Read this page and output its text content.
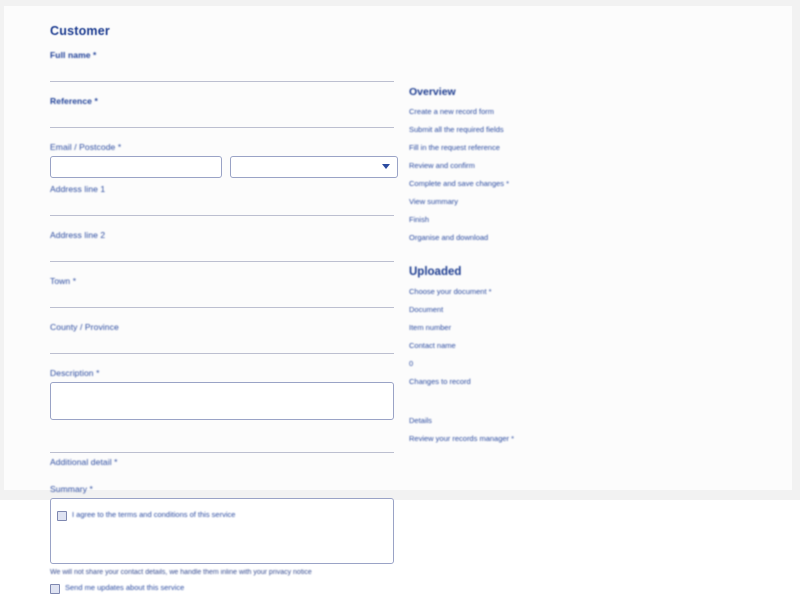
Customer
Full name *
Reference *
Email / Postcode *
Address line 1
Address line 2
Town *
County / Province
Description *
Additional detail *
Summary *
I agree to the terms and conditions of this service
We will not share your contact details, we handle them inline with your privacy notice
Send me updates about this service
Overview
Create a new record form
Submit all the required fields
Fill in the request reference
Review and confirm
Complete and save changes *
View summary
Finish
Organise and download
Uploaded
Choose your document *
Document
Item number
Contact name
0
Changes to record
Details
Review your records manager *
